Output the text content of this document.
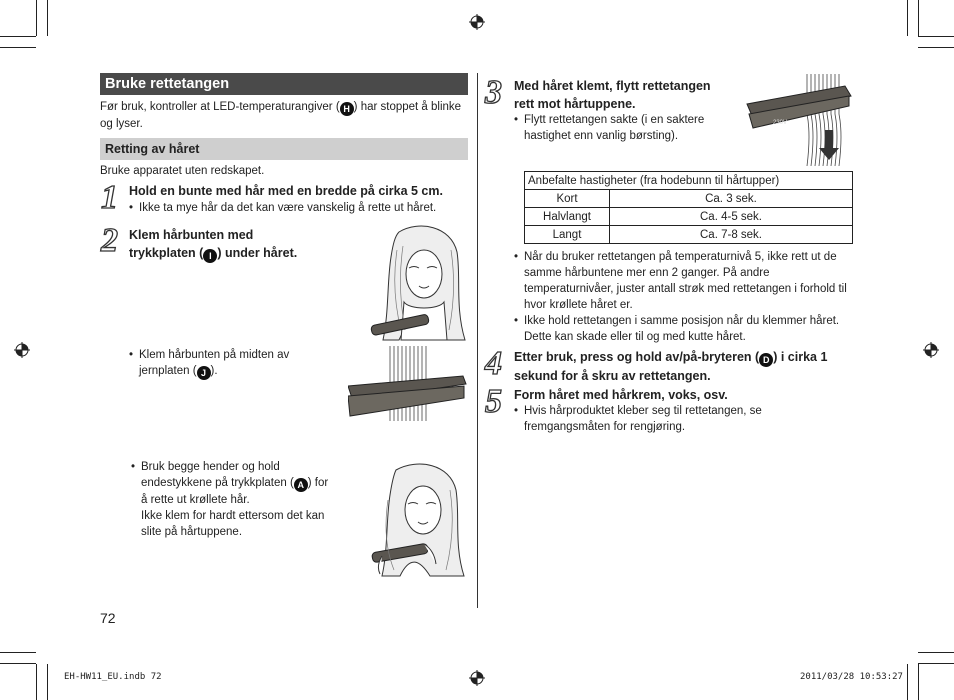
Bruke rettetangen
Før bruk, kontroller at LED-temperaturangiver ( H ) har stoppet å blinke og lyser.
Retting av håret
Bruke apparatet uten redskapet.
1 Hold en bunte med hår med en bredde på cirka 5 cm.
• Ikke ta mye hår da det kan være vanskelig å rette ut håret.
2 Klem hårbunten med
trykkplaten ( I ) under håret.
• Klem hårbunten på midten av jernplaten ( J ).
• Bruk begge hender og hold endestykkene på trykkplaten ( A ) for å rette ut krøllete hår.
Ikke klem for hardt ettersom det kan slite på hårtuppene.
72
3 Med håret klemt, flytt rettetangen
rett mot hårtuppene.
• Flytt rettetangen sakte (i en saktere hastighet enn vanlig børsting).
230V
Anbefalte hastigheter (fra hodebunn til hårtupper)	
Kort	Ca. 3 sek.
Halvlangt	Ca. 4-5 sek.
Langt	Ca. 7-8 sek.
• Når du bruker rettetangen på temperaturnivå 5, ikke rett ut de samme hårbuntene mer enn 2 ganger. På andre temperaturnivåer, juster antall strøk med rettetangen i forhold til hvor krøllete håret er.
• Ikke hold rettetangen i samme posisjon når du klemmer håret. Dette kan skade eller til og med kutte håret.
4 Etter bruk, press og hold av/på-bryteren ( D ) i cirka 1 sekund for å skru av rettetangen.
5 Form håret med hårkrem, voks, osv.
• Hvis hårproduktet kleber seg til rettetangen, se fremgangsmåten for rengjøring.
EH-HW11_EU.indb 72	2011/03/28 10:53:27
